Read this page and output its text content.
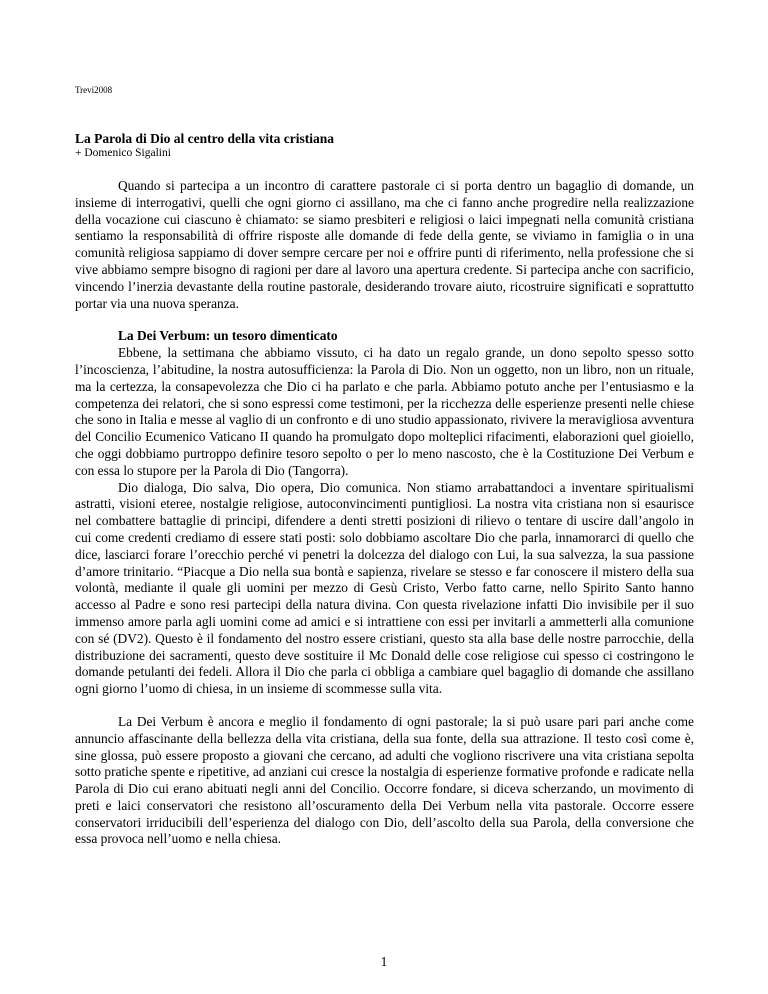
Trevi2008

La Parola di Dio al centro della vita cristiana

+ Domenico Sigalini

Quando si partecipa a un incontro di carattere pastorale ci si porta dentro un bagaglio di domande, un insieme di interrogativi, quelli che ogni giorno ci assillano, ma che ci fanno anche progredire nella realizzazione della vocazione cui ciascuno è chiamato: se siamo presbiteri e religiosi o laici impegnati nella comunità cristiana sentiamo la responsabilità di offrire risposte alle domande di fede della gente, se viviamo in famiglia o in una comunità religiosa sappiamo di dover sempre cercare per noi e offrire punti di riferimento, nella professione che si vive abbiamo sempre bisogno di ragioni per dare al lavoro una apertura credente. Si partecipa anche con sacrificio, vincendo l’inerzia devastante della routine pastorale, desiderando trovare aiuto, ricostruire significati e soprattutto portar via una nuova speranza.

La Dei Verbum: un tesoro dimenticato

Ebbene, la settimana che abbiamo vissuto, ci ha dato un regalo grande, un dono sepolto spesso sotto l’incoscienza, l’abitudine, la nostra autosufficienza: la Parola di Dio. Non un oggetto, non un libro, non un rituale, ma la certezza, la consapevolezza che Dio ci ha parlato e che parla. Abbiamo potuto anche per l’entusiasmo e la competenza dei relatori, che si sono espressi come testimoni, per la ricchezza delle esperienze presenti nelle chiese che sono in Italia e messe al vaglio di un confronto e di uno studio appassionato, rivivere la meravigliosa avventura del Concilio Ecumenico Vaticano II quando ha promulgato dopo molteplici rifacimenti, elaborazioni quel gioiello, che oggi dobbiamo purtroppo definire tesoro sepolto o per lo meno nascosto, che è la Costituzione Dei Verbum e con essa lo stupore per la Parola di Dio (Tangorra).

Dio dialoga, Dio salva, Dio opera, Dio comunica. Non stiamo arrabattandoci a inventare spiritualismi astratti, visioni eteree, nostalgie religiose, autoconvincimenti puntigliosi. La nostra vita cristiana non si esaurisce nel combattere battaglie di principi, difendere a denti stretti posizioni di rilievo o tentare di uscire dall’angolo in cui come credenti crediamo di essere stati posti: solo dobbiamo ascoltare Dio che parla, innamorarci di quello che dice, lasciarci forare l’orecchio perché vi penetri la dolcezza del dialogo con Lui, la sua salvezza, la sua passione d’amore trinitario. “Piacque a Dio nella sua bontà e sapienza, rivelare se stesso e far conoscere il mistero della sua volontà, mediante il quale gli uomini per mezzo di Gesù Cristo, Verbo fatto carne, nello Spirito Santo hanno accesso al Padre e sono resi partecipi della natura divina. Con questa rivelazione infatti Dio invisibile per il suo immenso amore parla agli uomini come ad amici e si intrattiene con essi per invitarli a ammetterli alla comunione con sé (DV2). Questo è il fondamento del nostro essere cristiani, questo sta alla base delle nostre parrocchie, della distribuzione dei sacramenti, questo deve sostituire il Mc Donald delle cose religiose cui spesso ci costringono le domande petulanti dei fedeli. Allora il Dio che parla ci obbliga a cambiare quel bagaglio di domande che assillano ogni giorno l’uomo di chiesa, in un insieme di scommesse sulla vita.

La Dei Verbum è ancora e meglio il fondamento di ogni pastorale; la si può usare pari pari anche come annuncio affascinante della bellezza della vita cristiana, della sua fonte, della sua attrazione. Il testo così come è, sine glossa, può essere proposto a giovani che cercano, ad adulti che vogliono riscrivere una vita cristiana sepolta sotto pratiche spente e ripetitive, ad anziani cui cresce la nostalgia di esperienze formative profonde e radicate nella Parola di Dio cui erano abituati negli anni del Concilio. Occorre fondare, si diceva scherzando, un movimento di preti e laici conservatori che resistono all’oscuramento della Dei Verbum nella vita pastorale. Occorre essere conservatori irriducibili dell’esperienza del dialogo con Dio, dell’ascolto della sua Parola, della conversione che essa provoca nell’uomo e nella chiesa.

1
